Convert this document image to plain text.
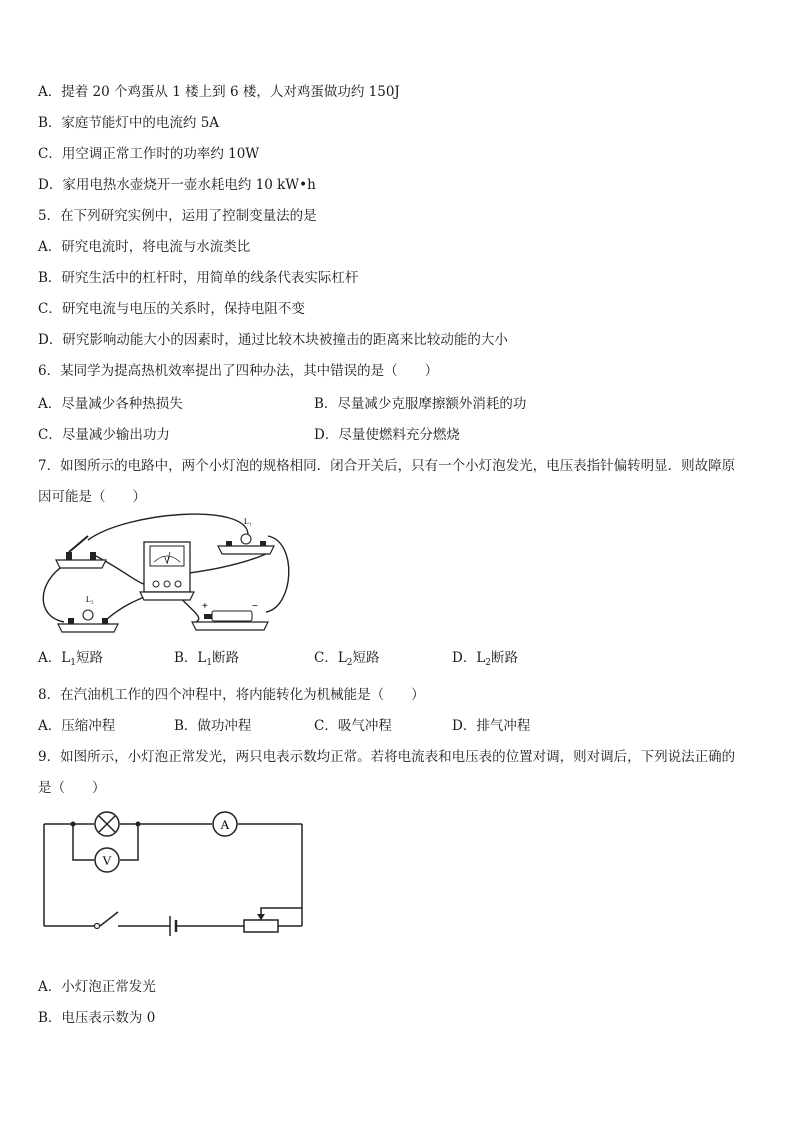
A．提着 20 个鸡蛋从 1 楼上到 6 楼，人对鸡蛋做功约 150J
B．家庭节能灯中的电流约 5A
C．用空调正常工作时的功率约 10W
D．家用电热水壶烧开一壶水耗电约 10 kW•h
5．在下列研究实例中，运用了控制变量法的是
A．研究电流时，将电流与水流类比
B．研究生活中的杠杆时，用简单的线条代表实际杠杆
C．研究电流与电压的关系时，保持电阻不变
D．研究影响动能大小的因素时，通过比较木块被撞击的距离来比较动能的大小
6．某同学为提高热机效率提出了四种办法，其中错误的是（　　）
A．尽量减少各种热损失	B．尽量减少克服摩擦额外消耗的功
C．尽量减少输出功力	D．尽量使燃料充分燃烧
7．如图所示的电路中，两个小灯泡的规格相同．闭合开关后，只有一个小灯泡发光，电压表指针偏转明显．则故障原
因可能是（　　）
V
L₁
L₂
+	−
A．$L_1$短路	B．$L_1$断路	C．$L_2$短路	D．$L_2$断路
8．在汽油机工作的四个冲程中，将内能转化为机械能是（　　）
A．压缩冲程	B．做功冲程	C．吸气冲程	D．排气冲程
9．如图所示，小灯泡正常发光，两只电表示数均正常。若将电流表和电压表的位置对调，则对调后，下列说法正确的
是（　　）
V
A
A．小灯泡正常发光
B．电压表示数为 0
